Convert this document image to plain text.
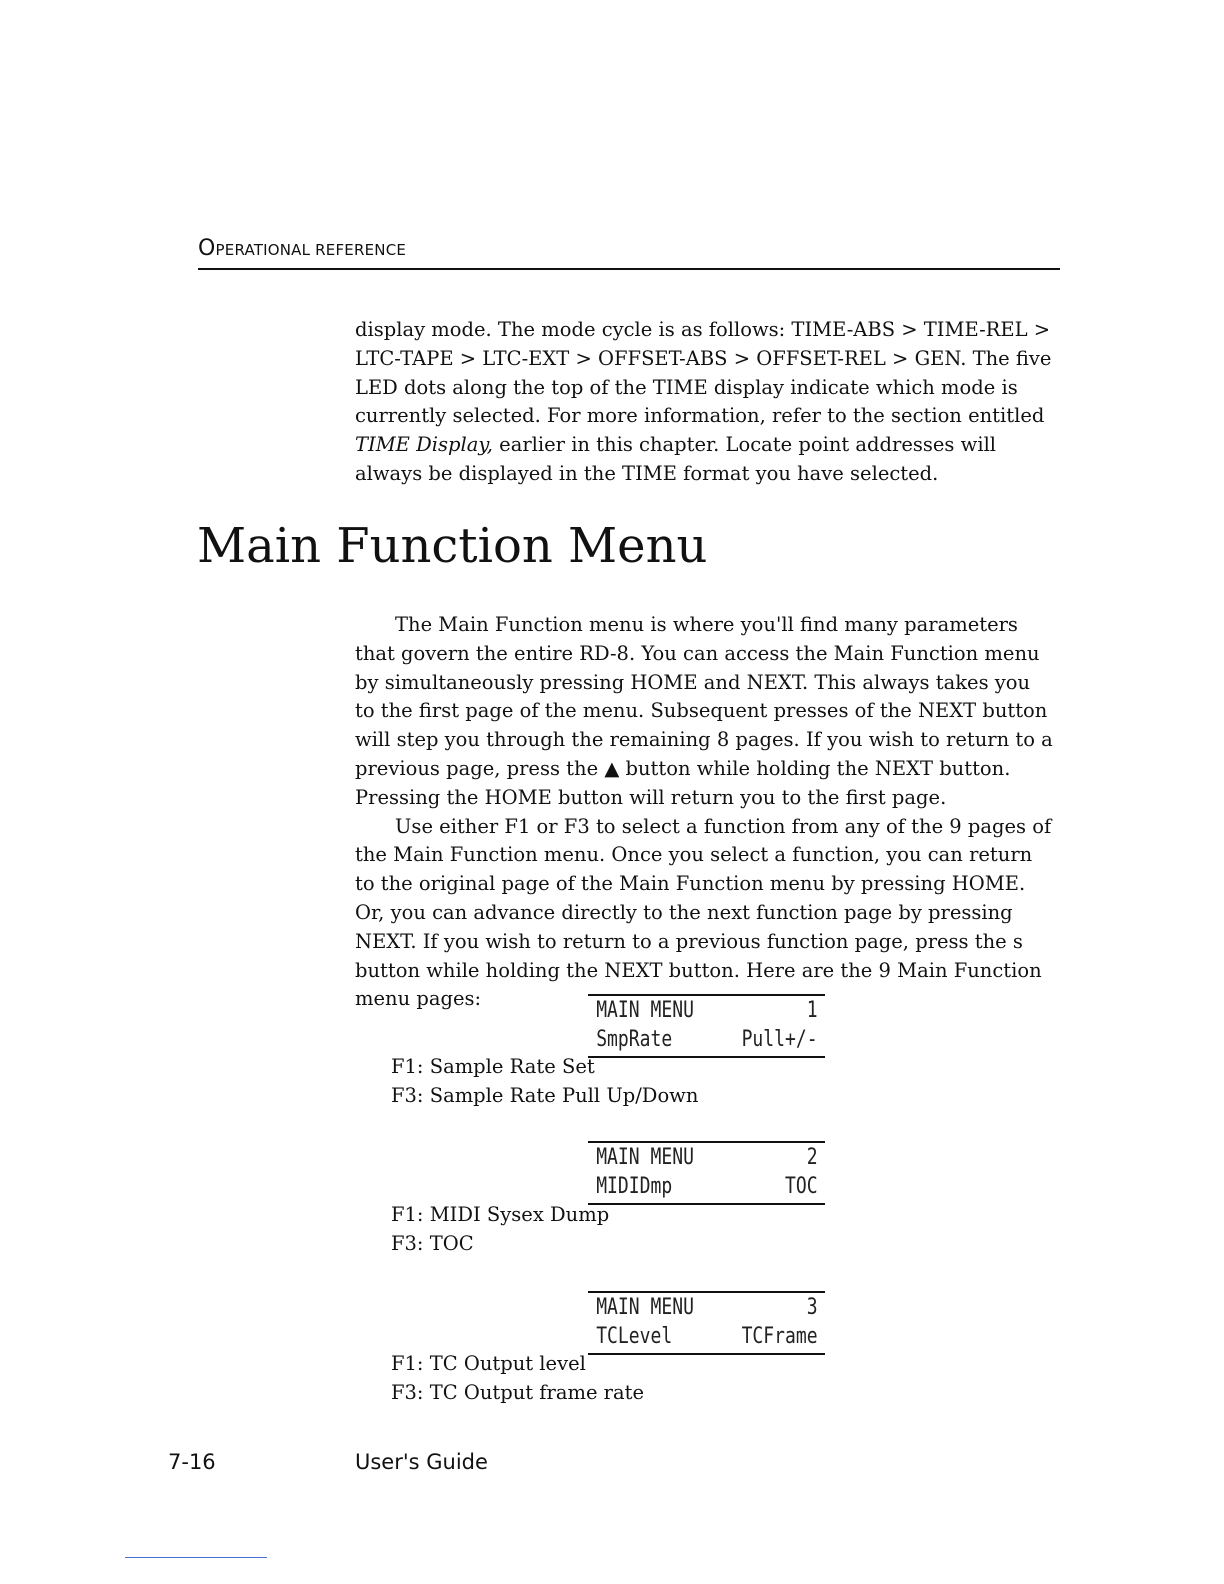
OPERATIONAL REFERENCE

display mode. The mode cycle is as follows: TIME-ABS > TIME-REL > LTC-TAPE > LTC-EXT > OFFSET-ABS > OFFSET-REL > GEN. The five LED dots along the top of the TIME display indicate which mode is currently selected. For more information, refer to the section entitled TIME Display, earlier in this chapter. Locate point addresses will always be displayed in the TIME format you have selected.

Main Function Menu

The Main Function menu is where you'll find many parameters that govern the entire RD-8. You can access the Main Function menu by simultaneously pressing HOME and NEXT. This always takes you to the first page of the menu. Subsequent presses of the NEXT button will step you through the remaining 8 pages. If you wish to return to a previous page, press the ▲ button while holding the NEXT button. Pressing the HOME button will return you to the first page.

Use either F1 or F3 to select a function from any of the 9 pages of the Main Function menu. Once you select a function, you can return to the original page of the Main Function menu by pressing HOME. Or, you can advance directly to the next function page by pressing NEXT. If you wish to return to a previous function page, press the s button while holding the NEXT button. Here are the 9 Main Function menu pages:	MAIN MENU	1
SmpRate	Pull+/-
F1: Sample Rate Set
F3: Sample Rate Pull Up/Down
MAIN MENU	2
MIDIDmp	TOC
F1: MIDI Sysex Dump
F3: TOC
MAIN MENU	3
TCLevel	TCFrame
F1: TC Output level
F3: TC Output frame rate
7-16	User's Guide
